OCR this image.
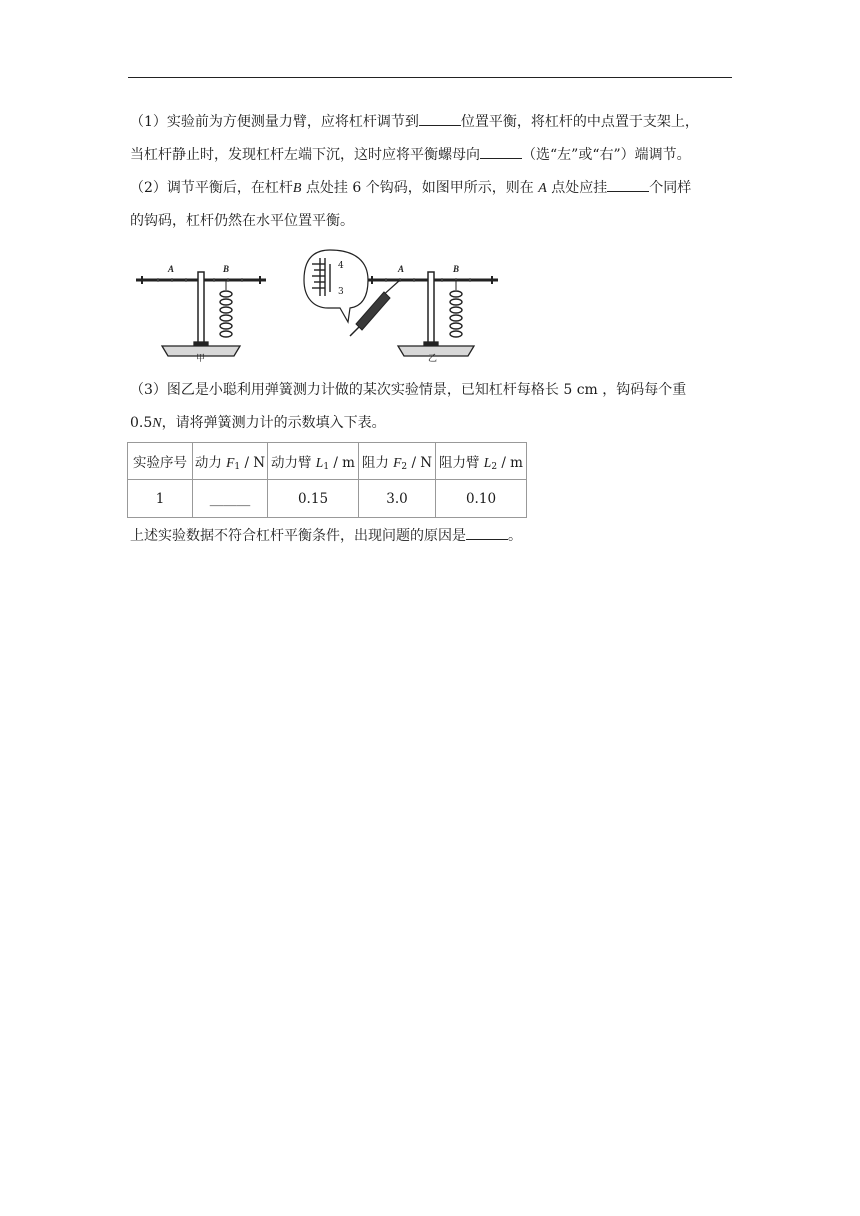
（1）实验前为方便测量力臂，应将杠杆调节到	位置平衡，将杠杆的中点置于支架上，
当杠杆静止时，发现杠杆左端下沉，这时应将平衡螺母向	（选“左”或“右”）端调节。
（2）调节平衡后，在杠杆B 点处挂 6 个钩码，如图甲所示，则在 A 点处应挂	个同样
的钩码，杠杆仍然在水平位置平衡。
A	B
甲
A	B
乙
4
3
（3）图乙是小聪利用弹簧测力计做的某次实验情景，已知杠杆每格长 5 cm ，钩码每个重
0.5N，请将弹簧测力计的示数填入下表。
实验序号	动力 $F_1$ / N	动力臂 $L_1$ / m	阻力 $F_2$ / N	阻力臂 $L_2$ / m
1	______	0.15	3.0	0.10
上述实验数据不符合杠杆平衡条件，出现问题的原因是	。
